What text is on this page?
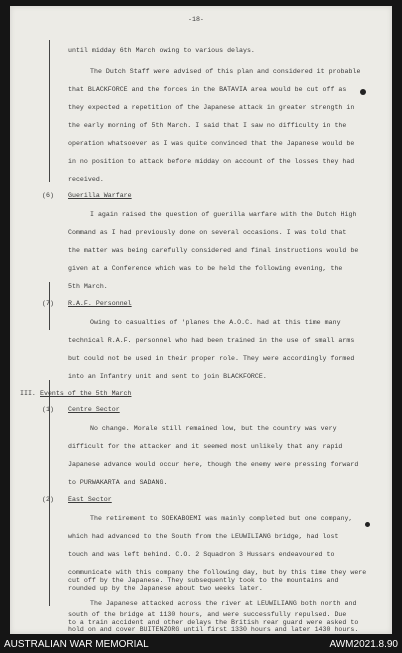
-18-
until midday 6th March owing to various delays.
The Dutch Staff were advised of this plan and considered it probable
that BLACKFORCE and the forces in the BATAVIA area would be cut off as
they expected a repetition of the Japanese attack in greater strength in
the early morning of 5th March. I said that I saw no difficulty in the
operation whatsoever as I was quite convinced that the Japanese would be
in no position to attack before midday on account of the losses they had
received.
(6) Guerilla Warfare
I again raised the question of guerilla warfare with the Dutch High
Command as I had previously done on several occasions. I was told that
the matter was being carefully considered and final instructions would be
given at a Conference which was to be held the following evening, the
5th March.
(7) R.A.F. Personnel
Owing to casualties of 'planes the A.O.C. had at this time many
technical R.A.F. personnel who had been trained in the use of small arms
but could not be used in their proper role. They were accordingly formed
into an Infantry unit and sent to join BLACKFORCE.
III. Events of the 5th March
(1) Centre Sector
No change. Morale still remained low, but the country was very
difficult for the attacker and it seemed most unlikely that any rapid
Japanese advance would occur here, though the enemy were pressing forward
to PURWAKARTA and SADANG.
(2) East Sector
The retirement to SOEKABOEMI was mainly completed but one company,
which had advanced to the South from the LEUWILIANG bridge, had lost
touch and was left behind. C.O. 2 Squadron 3 Hussars endeavoured to
communicate with this company the following day, but by this time they were
cut off by the Japanese. They subsequently took to the mountains and
rounded up by the Japanese about two weeks later.
The Japanese attacked across the river at LEUWILIANG both north and
south of the bridge at 1130 hours, and were successfully repulsed. Due
to a train accident and other delays the British rear guard were asked to
hold on and cover BUITENZORG until first 1330 hours and later 1430 hours.
AUSTRALIAN WAR MEMORIAL	AWM2021.8.90
